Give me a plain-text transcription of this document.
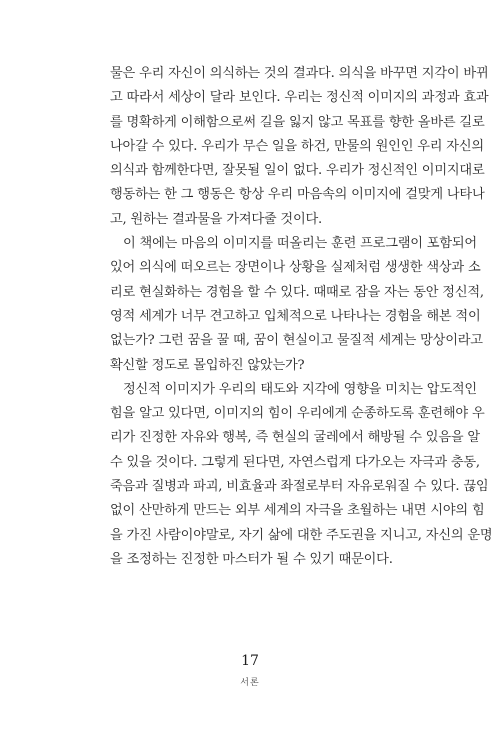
물은 우리 자신이 의식하는 것의 결과다. 의식을 바꾸면 지각이 바뀌
고 따라서 세상이 달라 보인다. 우리는 정신적 이미지의 과정과 효과
를 명확하게 이해함으로써 길을 잃지 않고 목표를 향한 올바른 길로
나아갈 수 있다. 우리가 무슨 일을 하건, 만물의 원인인 우리 자신의
의식과 함께한다면, 잘못될 일이 없다. 우리가 정신적인 이미지대로
행동하는 한 그 행동은 항상 우리 마음속의 이미지에 걸맞게 나타나
고, 원하는 결과물을 가져다줄 것이다.
이 책에는 마음의 이미지를 떠올리는 훈련 프로그램이 포함되어
있어 의식에 떠오르는 장면이나 상황을 실제처럼 생생한 색상과 소
리로 현실화하는 경험을 할 수 있다. 때때로 잠을 자는 동안 정신적,
영적 세계가 너무 견고하고 입체적으로 나타나는 경험을 해본 적이
없는가? 그런 꿈을 꿀 때, 꿈이 현실이고 물질적 세계는 망상이라고
확신할 정도로 몰입하진 않았는가?
정신적 이미지가 우리의 태도와 지각에 영향을 미치는 압도적인
힘을 알고 있다면, 이미지의 힘이 우리에게 순종하도록 훈련해야 우
리가 진정한 자유와 행복, 즉 현실의 굴레에서 해방될 수 있음을 알
수 있을 것이다. 그렇게 된다면, 자연스럽게 다가오는 자극과 충동,
죽음과 질병과 파괴, 비효율과 좌절로부터 자유로워질 수 있다. 끊임
없이 산만하게 만드는 외부 세계의 자극을 초월하는 내면 시야의 힘
을 가진 사람이야말로, 자기 삶에 대한 주도권을 지니고, 자신의 운명
을 조정하는 진정한 마스터가 될 수 있기 때문이다.
17
서론
